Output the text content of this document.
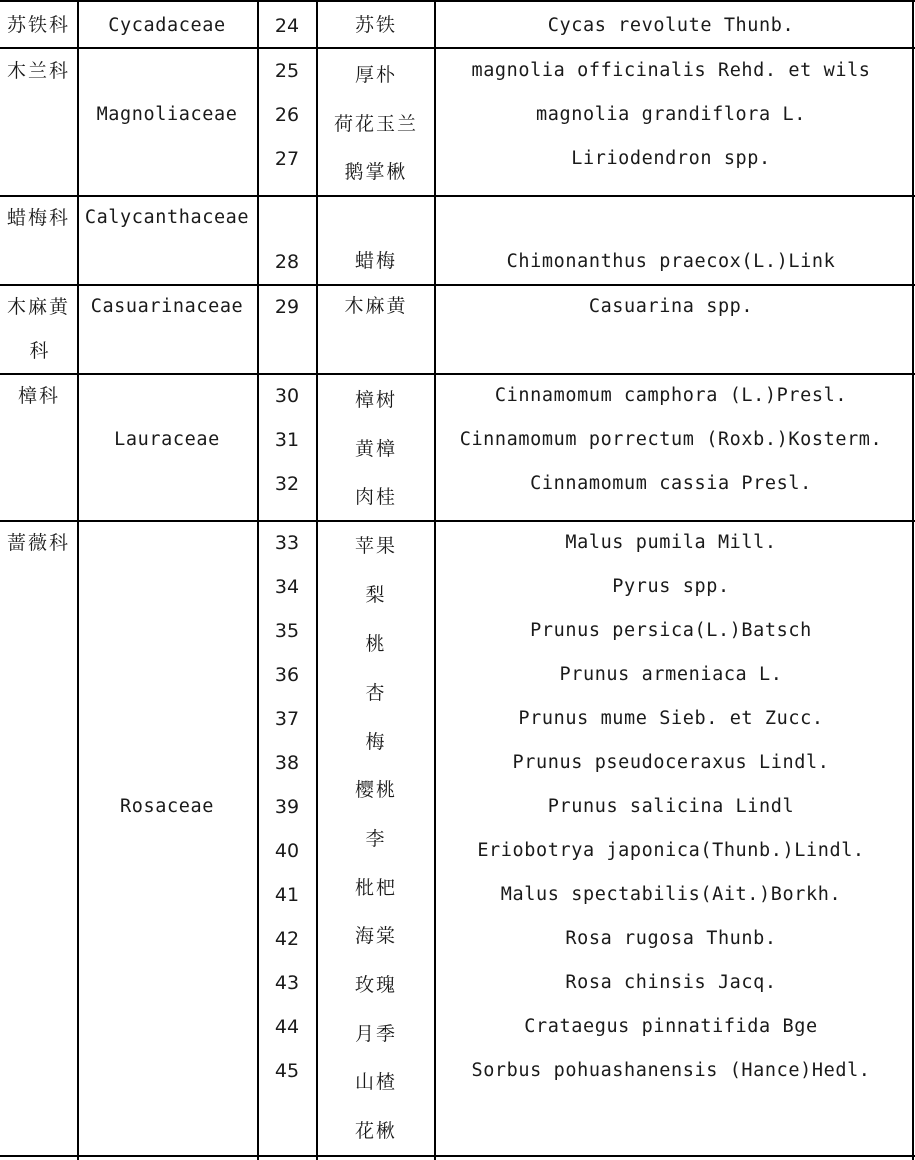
苏铁科
木兰科
蜡梅科
木麻黄
科
樟科
蔷薇科
Cycadaceae
Magnoliaceae
Calycanthaceae
Casuarinaceae
Lauraceae
Rosaceae
24
25
26
27
28
29
30
31
32
33
34
35
36
37
38
39
40
41
42
43
44
45
苏铁
厚朴
荷花玉兰
鹅掌楸
蜡梅
木麻黄
樟树
黄樟
肉桂
苹果
梨
桃
杏
梅
樱桃
李
枇杷
海棠
玫瑰
月季
山楂
花楸
Cycas revolute Thunb.
magnolia officinalis Rehd. et wils
magnolia grandiflora L.
Liriodendron spp.
Chimonanthus praecox(L.)Link
Casuarina spp.
Cinnamomum camphora (L.)Presl.
Cinnamomum porrectum (Roxb.)Kosterm.
Cinnamomum cassia Presl.
Malus pumila Mill.
Pyrus spp.
Prunus persica(L.)Batsch
Prunus armeniaca L.
Prunus mume Sieb. et Zucc.
Prunus pseudoceraxus Lindl.
Prunus salicina Lindl
Eriobotrya japonica(Thunb.)Lindl.
Malus spectabilis(Ait.)Borkh.
Rosa rugosa Thunb.
Rosa chinsis Jacq.
Crataegus pinnatifida Bge
Sorbus pohuashanensis (Hance)Hedl.
